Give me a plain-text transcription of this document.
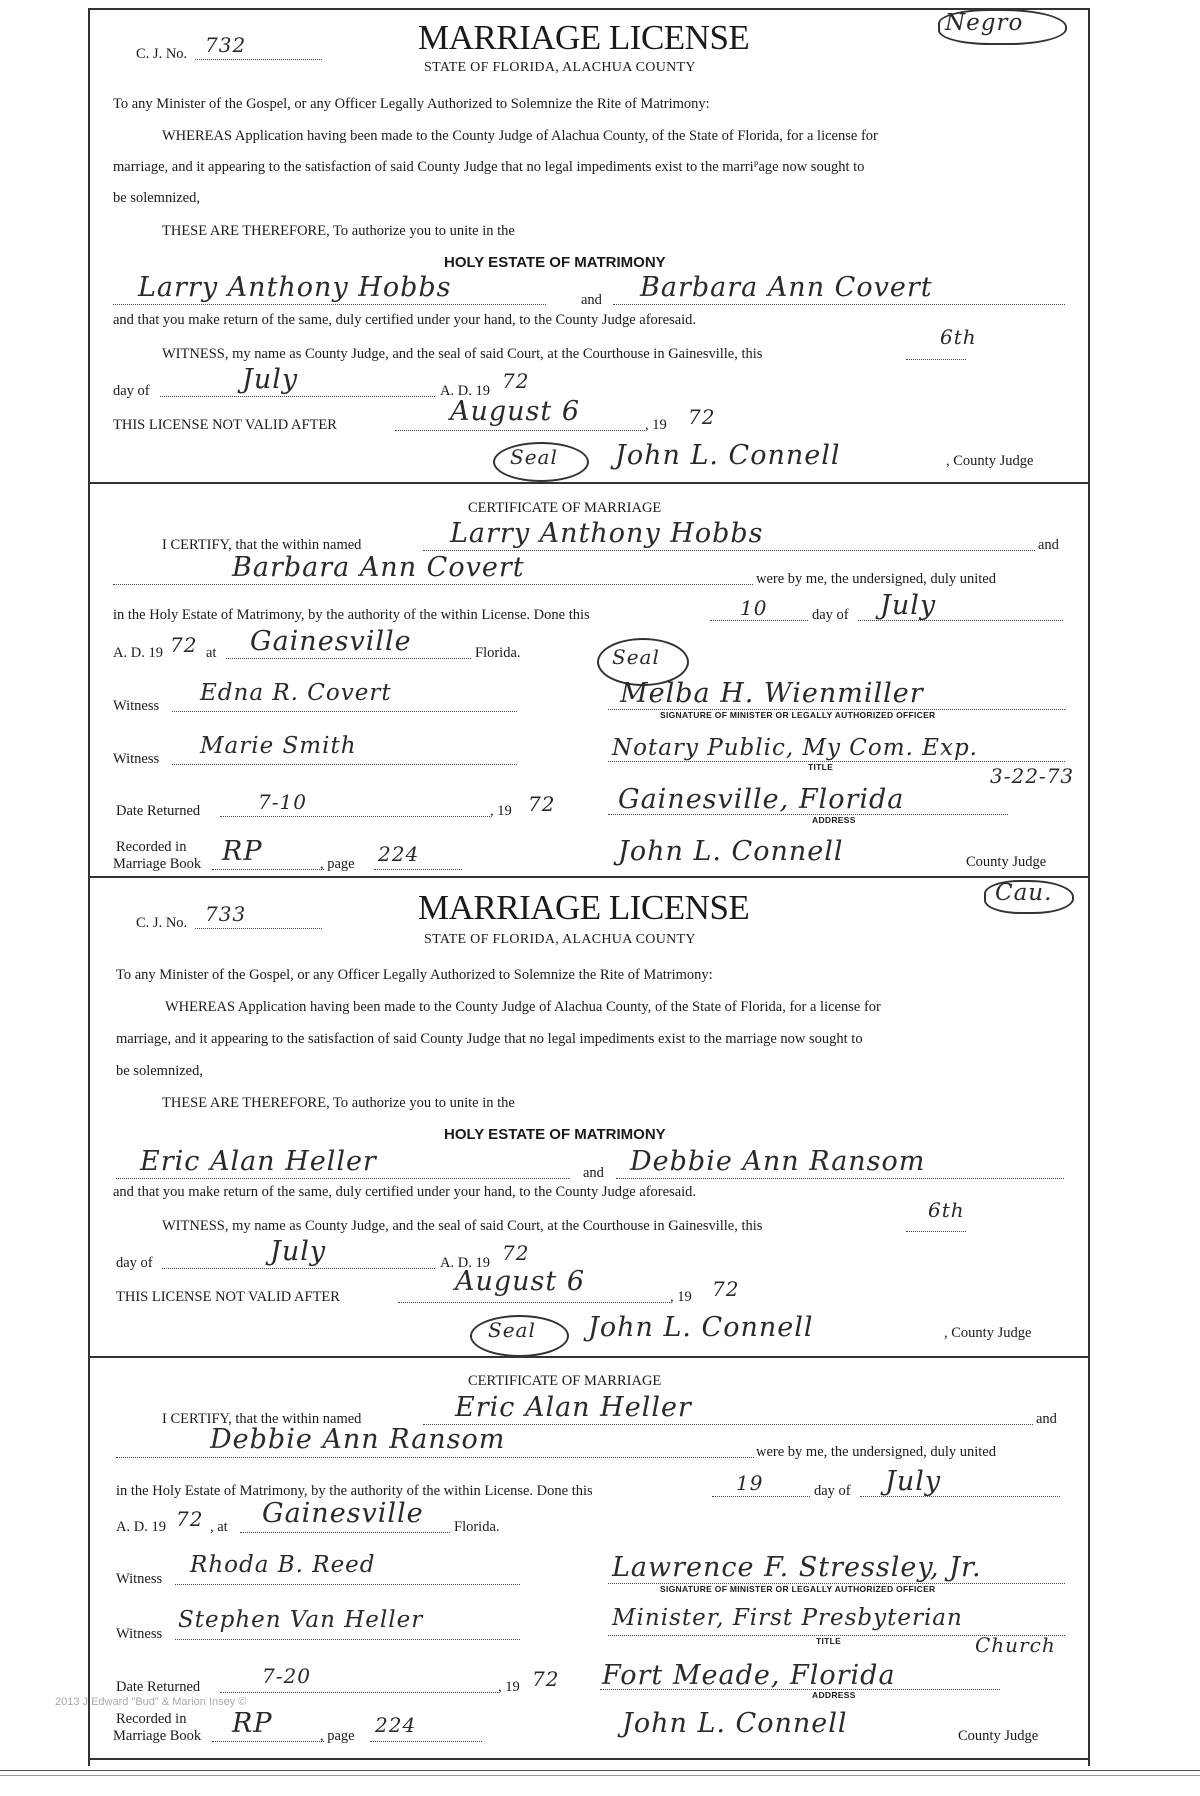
C. J. No. 732	MARRIAGE LICENSE
STATE OF FLORIDA, ALACHUA COUNTY
Negro
To any Minister of the Gospel, or any Officer Legally Authorized to Solemnize the Rite of Matrimony:
WHEREAS Application having been made to the County Judge of Alachua County, of the State of Florida, for a license for
marriage, and it appearing to the satisfaction of said County Judge that no legal impediments exist to the marriᴾage now sought to
be solemnized,
THESE ARE THEREFORE, To authorize you to unite in the
HOLY ESTATE OF MATRIMONY
Larry Anthony Hobbs	and Barbara Ann Covert
and that you make return of the same, duly certified under your hand, to the County Judge aforesaid.
WITNESS, my name as County Judge, and the seal of said Court, at the Courthouse in Gainesville, this
6th
day of	July	A. D. 19 72
THIS LICENSE NOT VALID AFTER	August 6	, 19 72
Seal John L. Connell	, County Judge
CERTIFICATE OF MARRIAGE
I CERTIFY, that the within named	Larry Anthony Hobbs	and
Barbara Ann Covert	were by me, the undersigned, duly united
in the Holy Estate of Matrimony, by the authority of the within License. Done this	10	day of July
A. D. 19 72 at Gainesville	Florida.	Seal
Witness Edna R. Covert	Melba H. Wienmiller
SIGNATURE OF MINISTER OR LEGALLY AUTHORIZED OFFICER
Witness Marie Smith	Notary Public, My Com. Exp.
TITLE	3-22-73
Date Returned	7-10	, 19 72 Gainesville, Florida
ADDRESS
Recorded in
Marriage Book RP	, page 224	John L. Connell	County Judge
C. J. No. 733	MARRIAGE LICENSE
STATE OF FLORIDA, ALACHUA COUNTY
Cau.
To any Minister of the Gospel, or any Officer Legally Authorized to Solemnize the Rite of Matrimony:
WHEREAS Application having been made to the County Judge of Alachua County, of the State of Florida, for a license for
marriage, and it appearing to the satisfaction of said County Judge that no legal impediments exist to the marriage now sought to
be solemnized,
THESE ARE THEREFORE, To authorize you to unite in the
HOLY ESTATE OF MATRIMONY
Eric Alan Heller	and Debbie Ann Ransom
and that you make return of the same, duly certified under your hand, to the County Judge aforesaid.
WITNESS, my name as County Judge, and the seal of said Court, at the Courthouse in Gainesville, this
6th
day of	July	A. D. 19 72
THIS LICENSE NOT VALID AFTER	August 6	, 19 72
Seal John L. Connell	, County Judge
CERTIFICATE OF MARRIAGE
I CERTIFY, that the within named	Eric Alan Heller	and
Debbie Ann Ransom	were by me, the undersigned, duly united
in the Holy Estate of Matrimony, by the authority of the within License. Done this	19	day of July
A. D. 19 72 , at Gainesville Florida.
Witness
Rhoda B. Reed	Lawrence F. Stressley, Jr.
SIGNATURE OF MINISTER OR LEGALLY AUTHORIZED OFFICER
Witness
Stephen Van Heller	Minister, First Presbyterian
TITLE	Church
Date Returned	7-20	, 19 72 Fort Meade, Florida
ADDRESS
Recorded in
Marriage Book RP	, page 224	John L. Connell	County Judge
2013 J Edward "Bud" & Marion Insey ©
